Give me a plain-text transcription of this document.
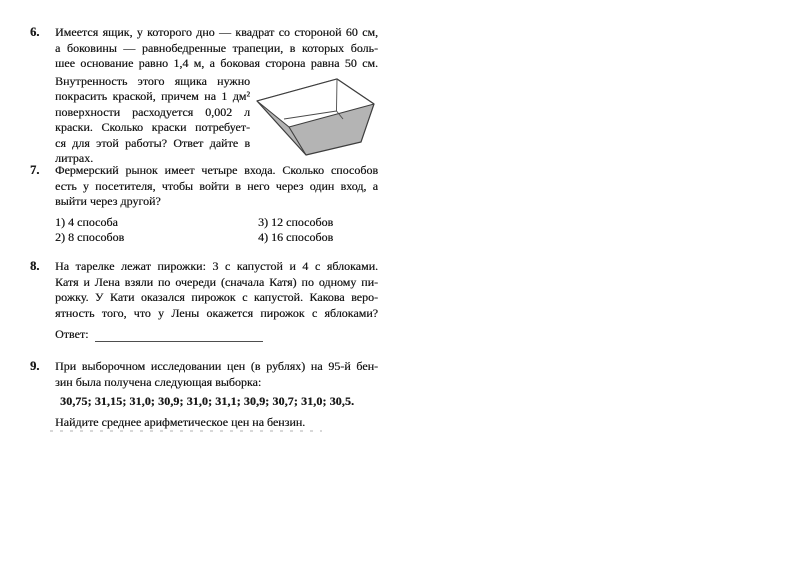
6.	Имеется ящик, у которого дно — квадрат со стороной 60 см,
а боковины — равнобедренные трапеции, в которых боль-
шее основание равно 1,4 м, а боковая сторона равна 50 см.
Внутренность этого ящика нужно
покрасить краской, причем на 1 дм²
поверхности расходуется 0,002 л
краски. Сколько краски потребует-
ся для этой работы? Ответ дайте в
литрах.
7.	Фермерский рынок имеет четыре входа. Сколько способов
есть у посетителя, чтобы войти в него через один вход, а
выйти через другой?
1) 4 способа
2) 8 способов
3) 12 способов
4) 16 способов
8.	На тарелке лежат пирожки: 3 с капустой и 4 с яблоками.
Катя и Лена взяли по очереди (сначала Катя) по одному пи-
рожку. У Кати оказался пирожок с капустой. Какова веро-
ятность того, что у Лены окажется пирожок с яблоками?
Ответ:
9.	При выборочном исследовании цен (в рублях) на 95-й бен-
зин была получена следующая выборка:
30,75; 31,15; 31,0; 30,9; 31,0; 31,1; 30,9; 30,7; 31,0; 30,5.
Найдите среднее арифметическое цен на бензин.
